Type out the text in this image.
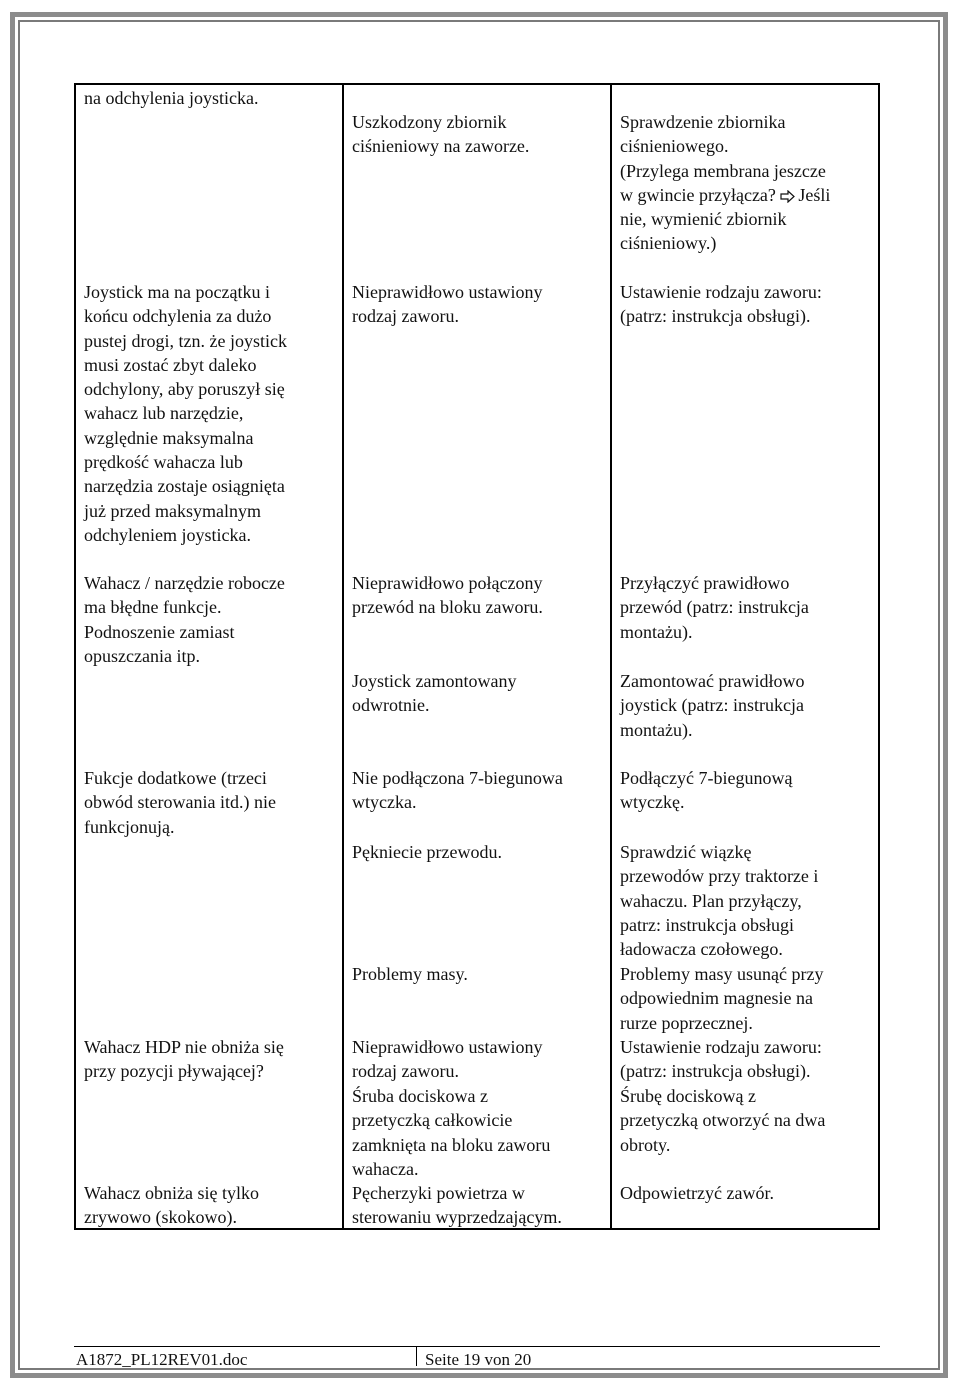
na odchylenia joysticka.
Uszkodzony zbiornik
ciśnieniowy na zaworze.
Sprawdzenie zbiornika
ciśnieniowego.
(Przylega membrana jeszcze
w gwincie przyłącza? Jeśli
nie, wymienić zbiornik
ciśnieniowy.)
Joystick ma na początku i
końcu odchylenia za dużo
pustej drogi, tzn. że joystick
musi zostać zbyt daleko
odchylony, aby poruszył się
wahacz lub narzędzie,
względnie maksymalna
prędkość wahacza lub
narzędzia zostaje osiągnięta
już przed maksymalnym
odchyleniem joysticka.
Nieprawidłowo ustawiony
rodzaj zaworu.
Ustawienie rodzaju zaworu:
(patrz: instrukcja obsługi).
Wahacz / narzędzie robocze
ma błędne funkcje.
Podnoszenie zamiast
opuszczania itp.
Nieprawidłowo połączony
przewód na bloku zaworu.
Joystick zamontowany
odwrotnie.
Przyłączyć prawidłowo
przewód (patrz: instrukcja
montażu).
Zamontować prawidłowo
joystick (patrz: instrukcja
montażu).
Fukcje dodatkowe (trzeci
obwód sterowania itd.) nie
funkcjonują.
Nie podłączona 7-biegunowa
wtyczka.
Pękniecie przewodu.
Problemy masy.
Podłączyć 7-biegunową
wtyczkę.
Sprawdzić wiązkę
przewodów przy traktorze i
wahaczu. Plan przyłączy,
patrz: instrukcja obsługi
ładowacza czołowego.
Problemy masy usunąć przy
odpowiednim magnesie na
rurze poprzecznej.
Wahacz HDP nie obniża się
przy pozycji pływającej?
Nieprawidłowo ustawiony
rodzaj zaworu.
Śruba dociskowa z
przetyczką całkowicie
zamknięta na bloku zaworu
wahacza.
Ustawienie rodzaju zaworu:
(patrz: instrukcja obsługi).
Śrubę dociskową z
przetyczką otworzyć na dwa
obroty.
Wahacz obniża się tylko
zrywowo (skokowo).
Pęcherzyki powietrza w
sterowaniu wyprzedzającym.
Odpowietrzyć zawór.
A1872_PL12REV01.doc	Seite 19 von 20
